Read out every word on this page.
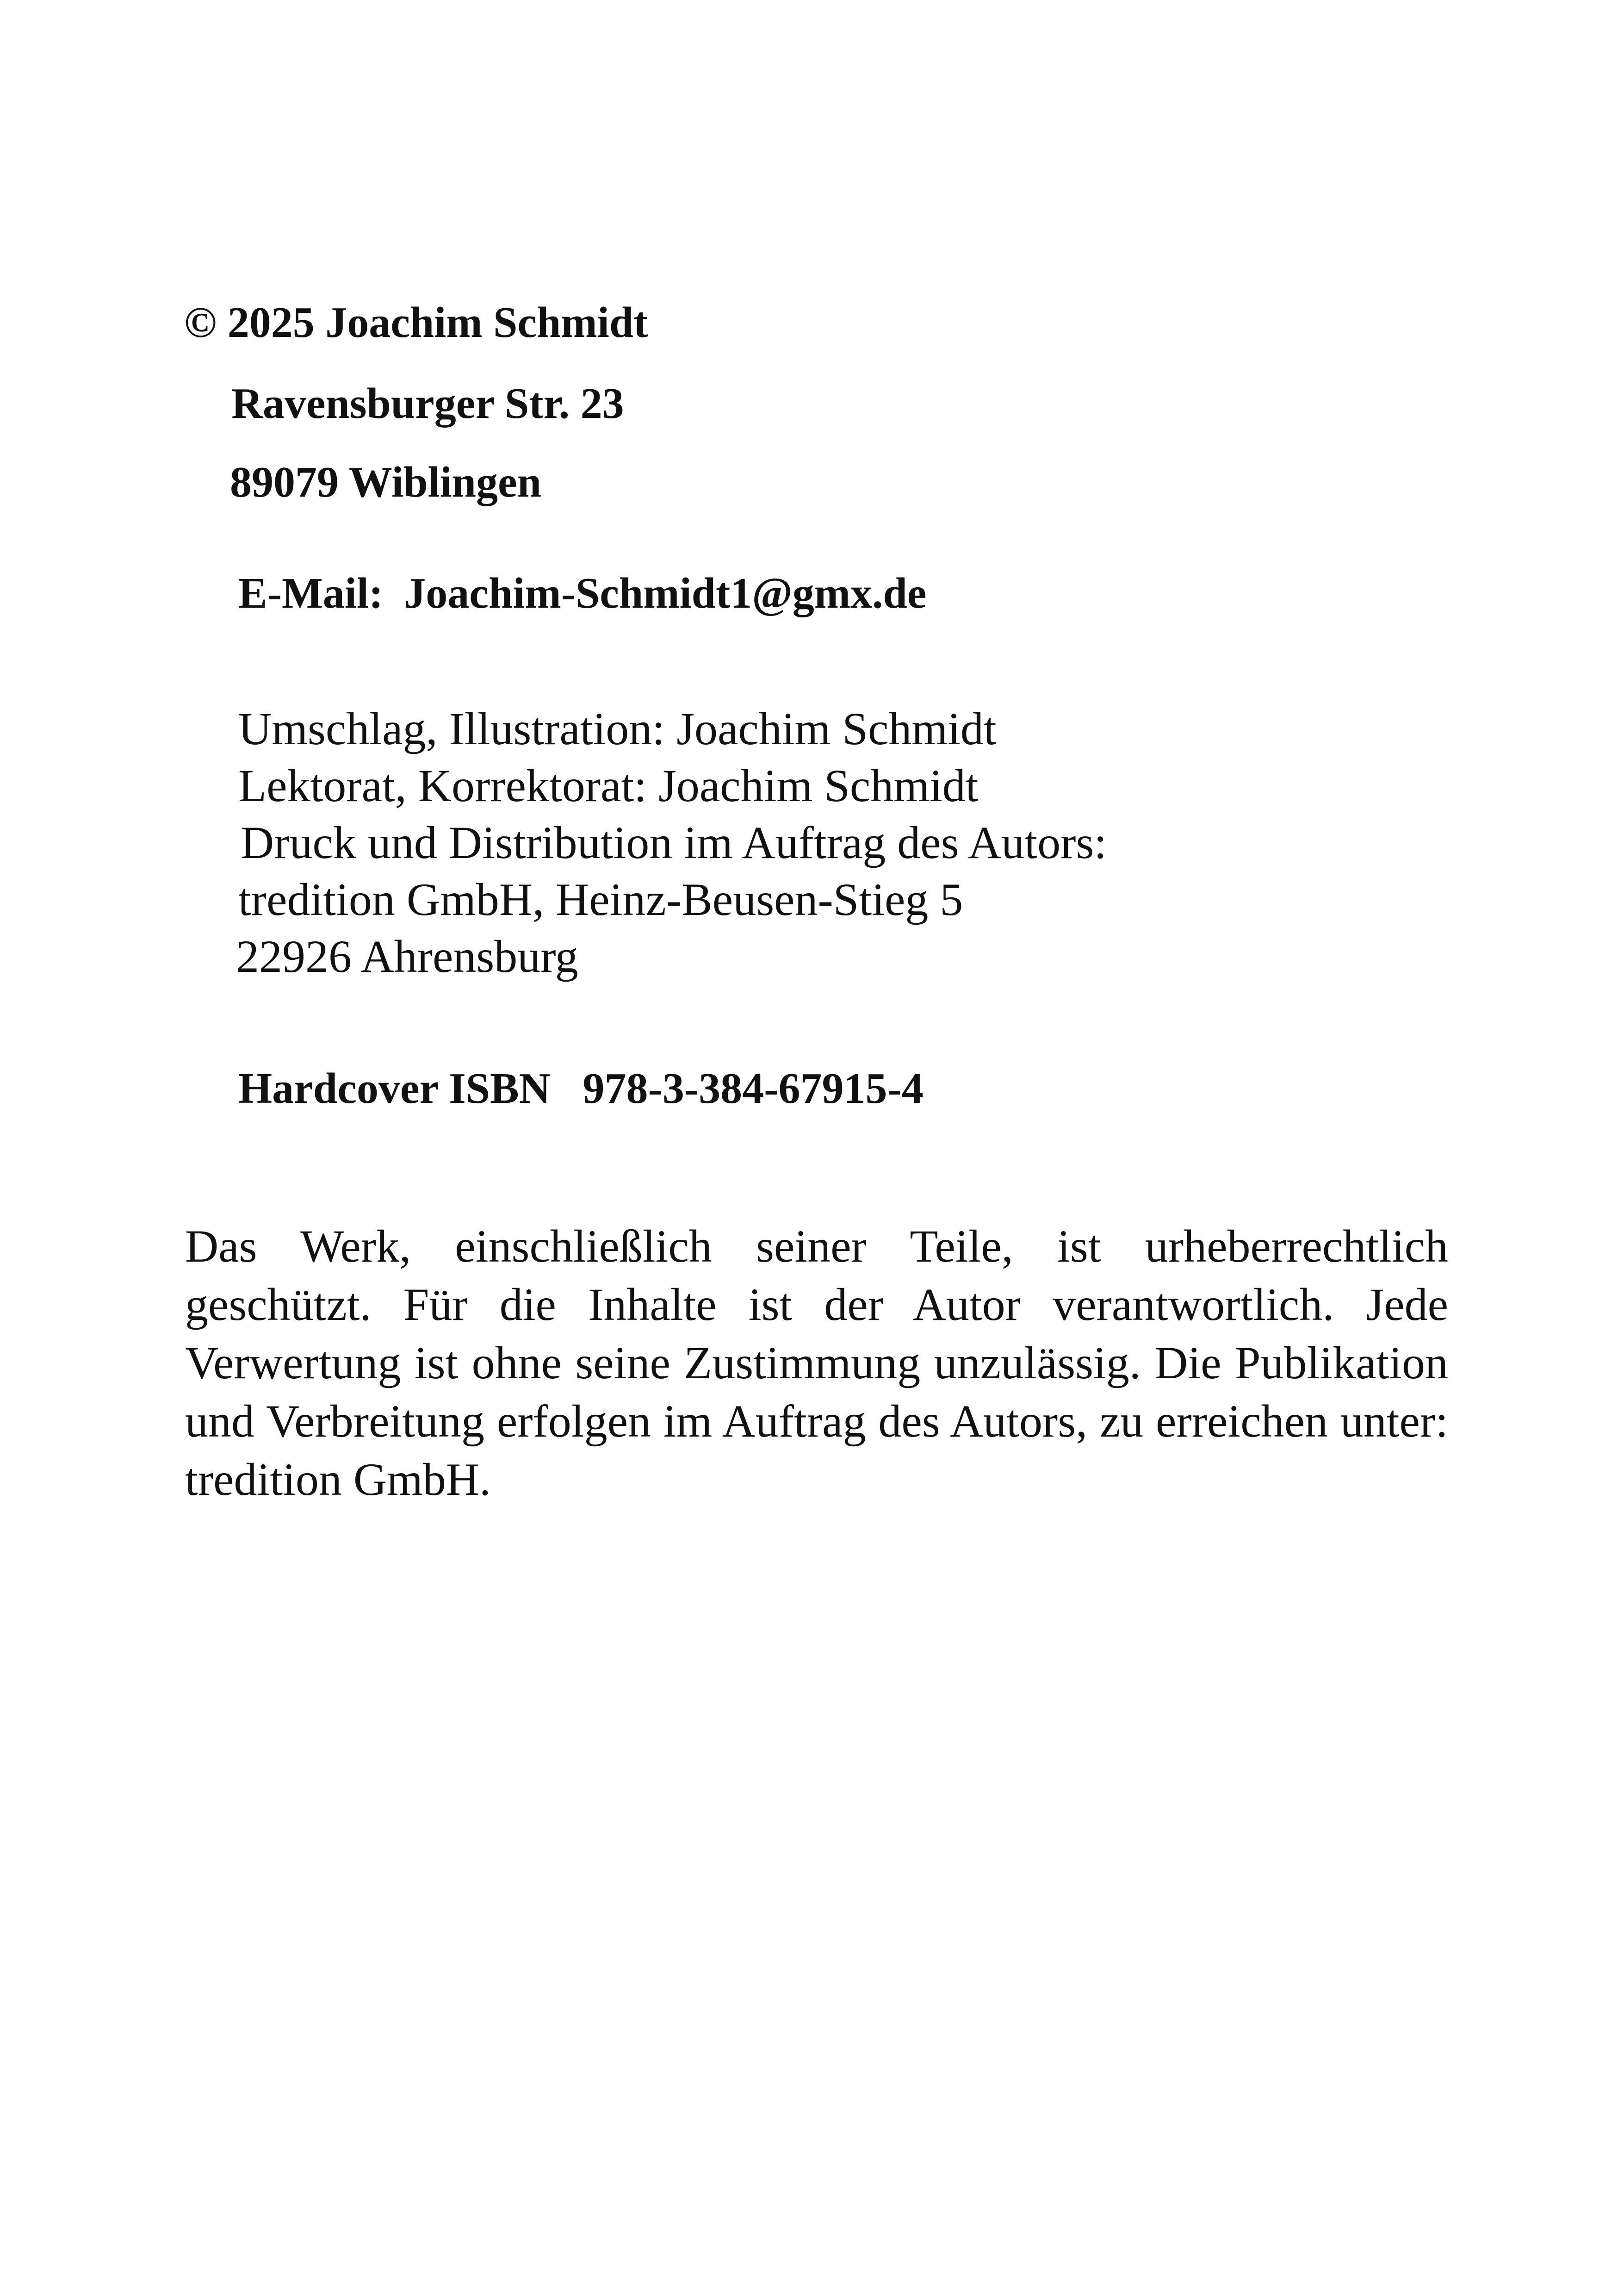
© 2025 Joachim Schmidt
Ravensburger Str. 23
89079 Wiblingen
E-Mail: Joachim-Schmidt1@gmx.de
Umschlag, Illustration: Joachim Schmidt
Lektorat, Korrektorat: Joachim Schmidt
Druck und Distribution im Auftrag des Autors:
tredition GmbH, Heinz-Beusen-Stieg 5
22926 Ahrensburg
Hardcover ISBN 978-3-384-67915-4
Das Werk, einschließlich seiner Teile, ist urheberrechtlich geschützt. Für die Inhalte ist der Autor verantwortlich. Jede Verwertung ist ohne seine Zustimmung unzulässig. Die Publikation und Verbreitung erfolgen im Auftrag des Autors, zu erreichen unter: tredition GmbH.
